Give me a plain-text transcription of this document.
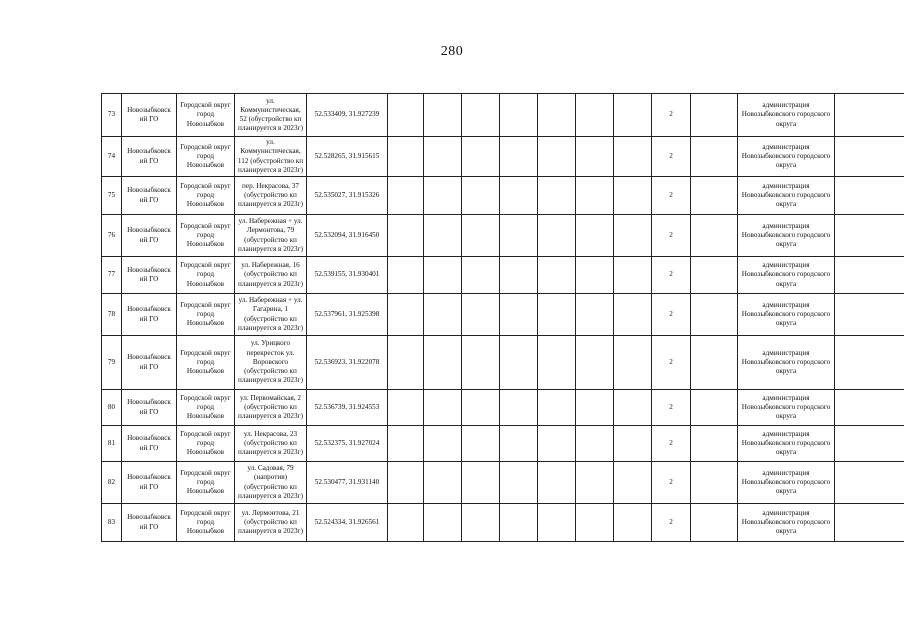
280
73	Новозыбковск ий ГО	Городской округ город Новозыбков	ул. Коммунистическая, 52 (обустройство кп планируется в 2023г)	52.533409, 31.927239								2		администрация Новозыбковского городского округа	
74	Новозыбковск ий ГО	Городской округ город Новозыбков	ул. Коммунистическая, 112 (обустройство кп планируется в 2023г)	52.528265, 31.915615								2		администрация Новозыбковского городского округа	
75	Новозыбковск ий ГО	Городской округ город Новозыбков	пер. Некрасова, 37 (обустройство кп планируется в 2023г)	52.535027, 31.915326								2		администрация Новозыбковского городского округа	
76	Новозыбковск ий ГО	Городской округ город Новозыбков	ул. Набережная + ул. Лермонтова, 79 (обустройство кп планируется в 2023г)	52.532094, 31.916450								2		администрация Новозыбковского городского округа	
77	Новозыбковск ий ГО	Городской округ город Новозыбков	ул. Набережная, 16 (обустройство кп планируется в 2023г)	52.539155, 31.930401								2		администрация Новозыбковского городского округа	
78	Новозыбковск ий ГО	Городской округ город Новозыбков	ул. Набережная + ул. Гагарина, 1 (обустройство кп планируется в 2023г)	52.537961, 31.925398								2		администрация Новозыбковского городского округа	
79	Новозыбковск ий ГО	Городской округ город Новозыбков	ул. Урицкого перекресток ул. Воровского (обустройство кп планируется в 2023г)	52.536923, 31.922078								2		администрация Новозыбковского городского округа	
80	Новозыбковск ий ГО	Городской округ город Новозыбков	ул. Первомайская, 2 (обустройство кп планируется в 2023г)	52.536739, 31.924553								2		администрация Новозыбковского городского округа	
81	Новозыбковск ий ГО	Городской округ город Новозыбков	ул. Некрасова, 23 (обустройство кп планируется в 2023г)	52.532375, 31.927024								2		администрация Новозыбковского городского округа	
82	Новозыбковск ий ГО	Городской округ город Новозыбков	ул. Садовая, 79 (напротив) (обустройство кп планируется в 2023г)	52.530477, 31.931140								2		администрация Новозыбковского городского округа	
83	Новозыбковск ий ГО	Городской округ город Новозыбков	ул. Лермонтова, 21 (обустройство кп планируется в 2023г)	52.524334, 31.926561								2		администрация Новозыбковского городского округа	
